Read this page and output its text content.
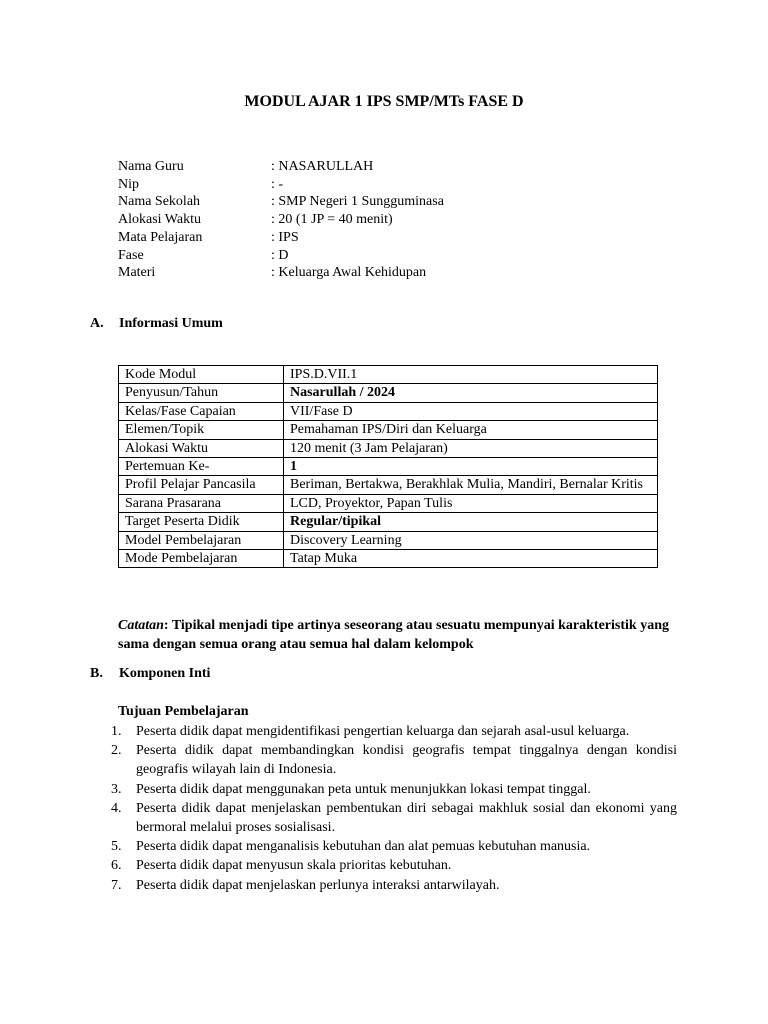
MODUL AJAR 1 IPS SMP/MTs FASE D
Nama Guru	: NASARULLAH
Nip	: -
Nama Sekolah	: SMP Negeri 1 Sungguminasa
Alokasi Waktu	: 20 (1 JP = 40 menit)
Mata Pelajaran	: IPS
Fase	: D
Materi	: Keluarga Awal Kehidupan
A. Informasi Umum
Kode Modul	IPS.D.VII.1
Penyusun/Tahun	Nasarullah / 2024
Kelas/Fase Capaian	VII/Fase D
Elemen/Topik	Pemahaman IPS/Diri dan Keluarga
Alokasi Waktu	120 menit (3 Jam Pelajaran)
Pertemuan Ke-	1
Profil Pelajar Pancasila	Beriman, Bertakwa, Berakhlak Mulia, Mandiri, Bernalar Kritis
Sarana Prasarana	LCD, Proyektor, Papan Tulis
Target Peserta Didik	Regular/tipikal
Model Pembelajaran	Discovery Learning
Mode Pembelajaran	Tatap Muka
Catatan: Tipikal menjadi tipe artinya seseorang atau sesuatu mempunyai karakteristik yang sama dengan semua orang atau semua hal dalam kelompok
B. Komponen Inti
Tujuan Pembelajaran
1. Peserta didik dapat mengidentifikasi pengertian keluarga dan sejarah asal-usul keluarga.
2. Peserta didik dapat membandingkan kondisi geografis tempat tinggalnya dengan kondisi geografis wilayah lain di Indonesia.
3. Peserta didik dapat menggunakan peta untuk menunjukkan lokasi tempat tinggal.
4. Peserta didik dapat menjelaskan pembentukan diri sebagai makhluk sosial dan ekonomi yang bermoral melalui proses sosialisasi.
5. Peserta didik dapat menganalisis kebutuhan dan alat pemuas kebutuhan manusia.
6. Peserta didik dapat menyusun skala prioritas kebutuhan.
7. Peserta didik dapat menjelaskan perlunya interaksi antarwilayah.
